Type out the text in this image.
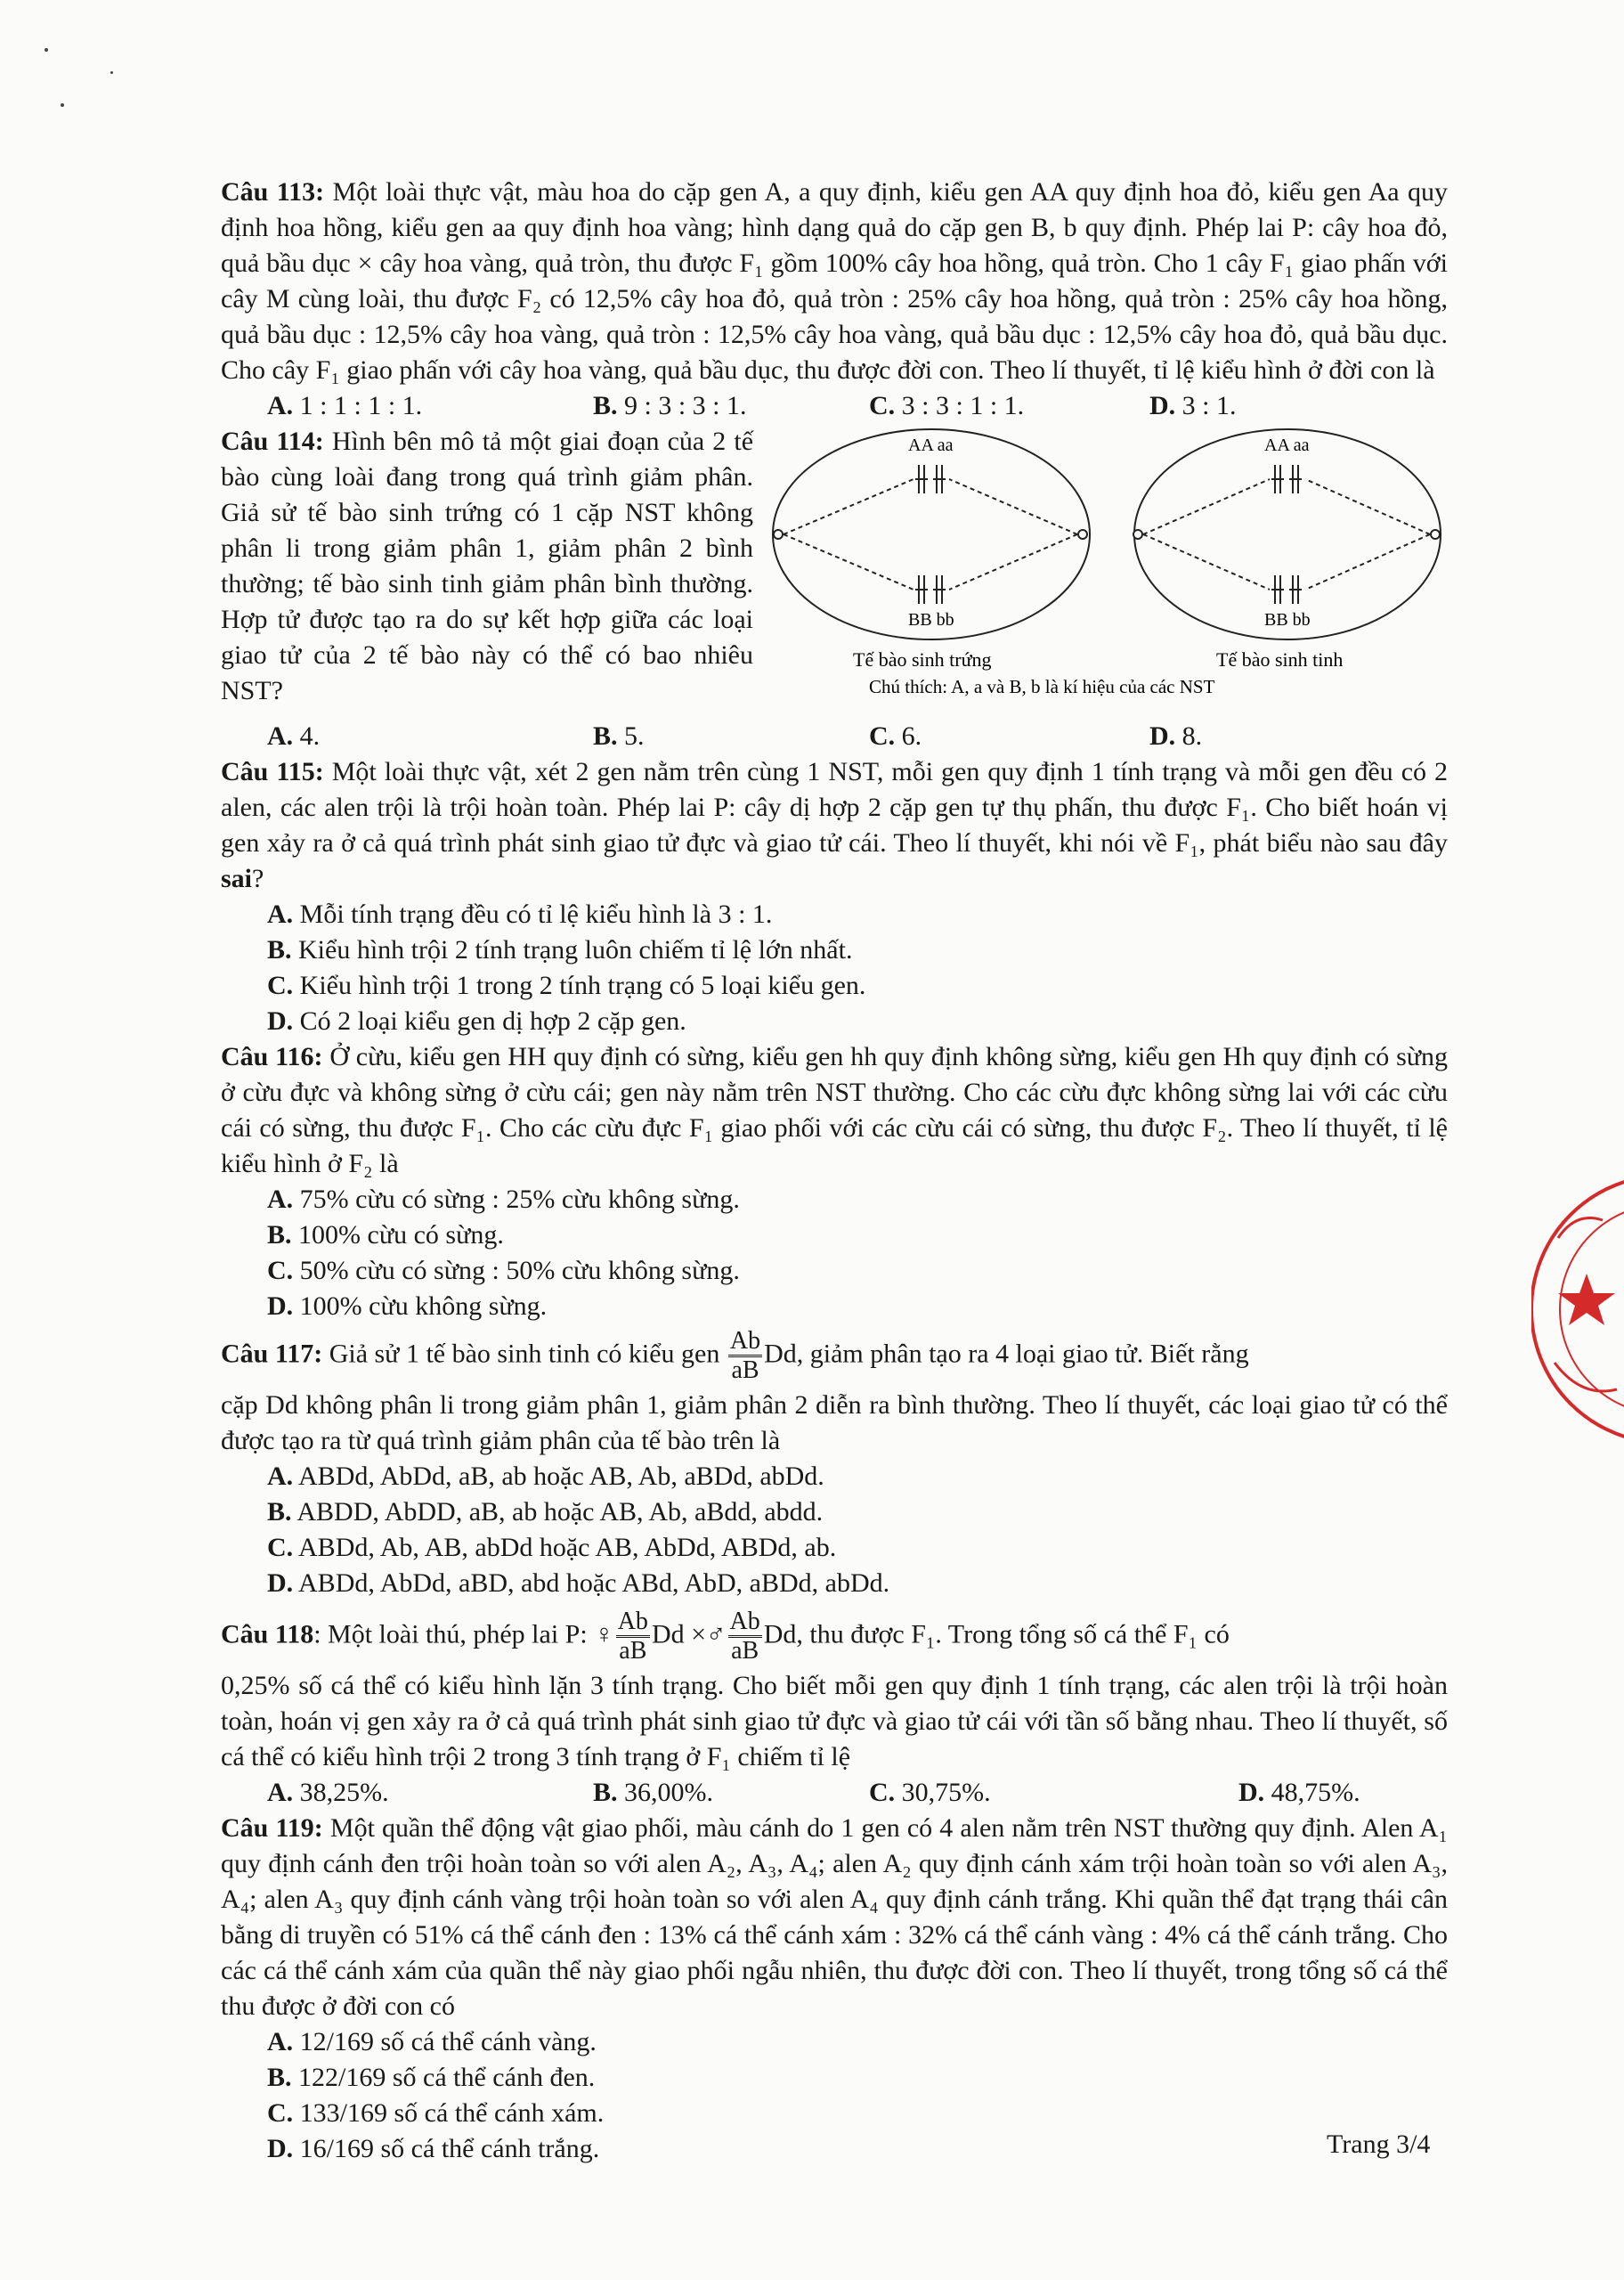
Câu 113: Một loài thực vật, màu hoa do cặp gen A, a quy định, kiểu gen AA quy định hoa đỏ, kiểu gen Aa quy định hoa hồng, kiểu gen aa quy định hoa vàng; hình dạng quả do cặp gen B, b quy định. Phép lai P: cây hoa đỏ, quả bầu dục × cây hoa vàng, quả tròn, thu được F₁ gồm 100% cây hoa hồng, quả tròn. Cho 1 cây F₁ giao phấn với cây M cùng loài, thu được F₂ có 12,5% cây hoa đỏ, quả tròn : 25% cây hoa hồng, quả tròn : 25% cây hoa hồng, quả bầu dục : 12,5% cây hoa vàng, quả tròn : 12,5% cây hoa vàng, quả bầu dục : 12,5% cây hoa đỏ, quả bầu dục. Cho cây F₁ giao phấn với cây hoa vàng, quả bầu dục, thu được đời con. Theo lí thuyết, tỉ lệ kiểu hình ở đời con là

A. 1 : 1 : 1 : 1.	B. 9 : 3 : 3 : 1.	C. 3 : 3 : 1 : 1.	D. 3 : 1.
Câu 114: Hình bên mô tả một giai đoạn của 2 tế bào cùng loài đang trong quá trình giảm phân. Giả sử tế bào sinh trứng có 1 cặp NST không phân li trong giảm phân 1, giảm phân 2 bình thường; tế bào sinh tinh giảm phân bình thường. Hợp tử được tạo ra do sự kết hợp giữa các loại giao tử của 2 tế bào này có thể có bao nhiêu NST?
AA aa	AA aa
BB bb	BB bb
Tế bào sinh trứng	Tế bào sinh tinh
Chú thích: A, a và B, b là kí hiệu của các NST
A. 4.	B. 5.	C. 6.	D. 8.

Câu 115: Một loài thực vật, xét 2 gen nằm trên cùng 1 NST, mỗi gen quy định 1 tính trạng và mỗi gen đều có 2 alen, các alen trội là trội hoàn toàn. Phép lai P: cây dị hợp 2 cặp gen tự thụ phấn, thu được F₁. Cho biết hoán vị gen xảy ra ở cả quá trình phát sinh giao tử đực và giao tử cái. Theo lí thuyết, khi nói về F₁, phát biểu nào sau đây sai?

A. Mỗi tính trạng đều có tỉ lệ kiểu hình là 3 : 1.
B. Kiểu hình trội 2 tính trạng luôn chiếm tỉ lệ lớn nhất.
C. Kiểu hình trội 1 trong 2 tính trạng có 5 loại kiểu gen.
D. Có 2 loại kiểu gen dị hợp 2 cặp gen.

Câu 116: Ở cừu, kiểu gen HH quy định có sừng, kiểu gen hh quy định không sừng, kiểu gen Hh quy định có sừng ở cừu đực và không sừng ở cừu cái; gen này nằm trên NST thường. Cho các cừu đực không sừng lai với các cừu cái có sừng, thu được F₁. Cho các cừu đực F₁ giao phối với các cừu cái có sừng, thu được F₂. Theo lí thuyết, tỉ lệ kiểu hình ở F₂ là

A. 75% cừu có sừng : 25% cừu không sừng.
B. 100% cừu có sừng.
C. 50% cừu có sừng : 50% cừu không sừng.
D. 100% cừu không sừng.

Câu 117: Giả sử 1 tế bào sinh tinh có kiểu gen $\frac{Ab}{aB} Dd$, giảm phân tạo ra 4 loại giao tử. Biết rằng

cặp Dd không phân li trong giảm phân 1, giảm phân 2 diễn ra bình thường. Theo lí thuyết, các loại giao tử có thể được tạo ra từ quá trình giảm phân của tế bào trên là

A. ABDd, AbDd, aB, ab hoặc AB, Ab, aBDd, abDd.
B. ABDD, AbDD, aB, ab hoặc AB, Ab, aBdd, abdd.
C. ABDd, Ab, AB, abDd hoặc AB, AbDd, ABDd, ab.
D. ABDd, AbDd, aBD, abd hoặc ABd, AbD, aBDd, abDd.

Câu 118: Một loài thú, phép lai P: ♀ $\frac{Ab}{aB}$ Dd ×♂ $\frac{Ab}{aB} Dd$, thu được F₁. Trong tổng số cá thể F₁ có

0,25% số cá thể có kiểu hình lặn 3 tính trạng. Cho biết mỗi gen quy định 1 tính trạng, các alen trội là trội hoàn toàn, hoán vị gen xảy ra ở cả quá trình phát sinh giao tử đực và giao tử cái với tần số bằng nhau. Theo lí thuyết, số cá thể có kiểu hình trội 2 trong 3 tính trạng ở F₁ chiếm tỉ lệ

A. 38,25%.	B. 36,00%.	C. 30,75%.	D. 48,75%.

Câu 119: Một quần thể động vật giao phối, màu cánh do 1 gen có 4 alen nằm trên NST thường quy định. Alen A₁ quy định cánh đen trội hoàn toàn so với alen A₂, A₃, A₄; alen A₂ quy định cánh xám trội hoàn toàn so với alen A₃, A₄; alen A₃ quy định cánh vàng trội hoàn toàn so với alen A₄ quy định cánh trắng. Khi quần thể đạt trạng thái cân bằng di truyền có 51% cá thể cánh đen : 13% cá thể cánh xám : 32% cá thể cánh vàng : 4% cá thể cánh trắng. Cho các cá thể cánh xám của quần thể này giao phối ngẫu nhiên, thu được đời con. Theo lí thuyết, trong tổng số cá thể thu được ở đời con có

A. 12/169 số cá thể cánh vàng.
B. 122/169 số cá thể cánh đen.
C. 133/169 số cá thể cánh xám.
D. 16/169 số cá thể cánh trắng.	Trang 3/4
